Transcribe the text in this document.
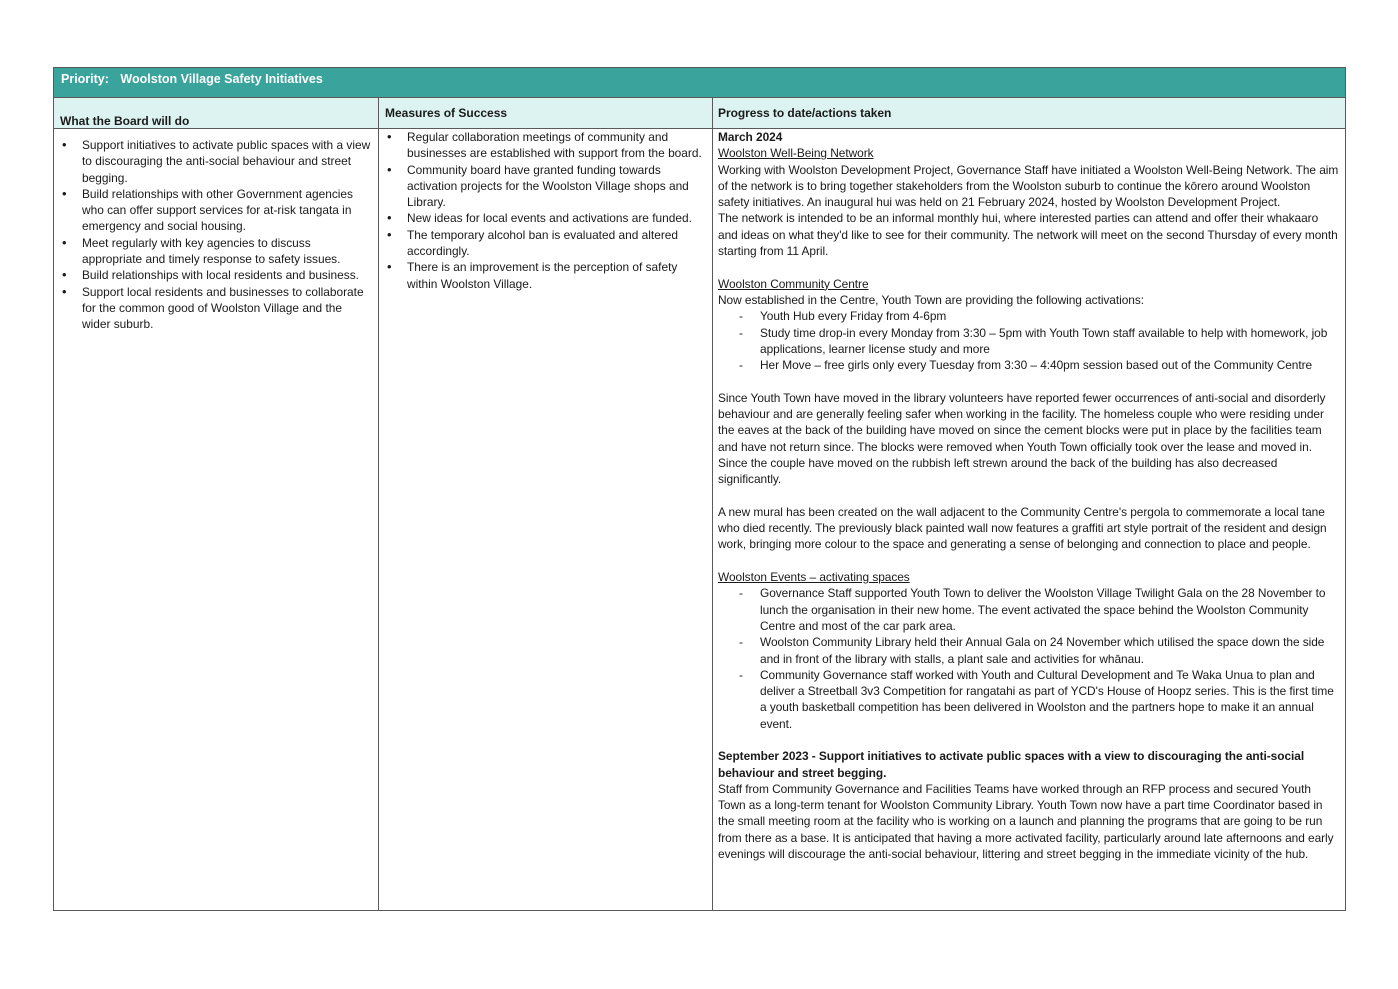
Priority: Woolston Village Safety Initiatives
What the Board will do
Measures of Success	Progress to date/actions taken
• Support initiatives to activate public spaces with a view to discouraging the anti-social behaviour and street begging.
• Build relationships with other Government agencies who can offer support services for at-risk tangata in emergency and social housing.
• Meet regularly with key agencies to discuss appropriate and timely response to safety issues.
• Build relationships with local residents and business.
• Support local residents and businesses to collaborate for the common good of Woolston Village and the wider suburb.
• Regular collaboration meetings of community and businesses are established with support from the board.
• Community board have granted funding towards activation projects for the Woolston Village shops and Library.
• New ideas for local events and activations are funded.
• The temporary alcohol ban is evaluated and altered accordingly.
• There is an improvement is the perception of safety within Woolston Village.

March 2024

Woolston Well-Being Network

Working with Woolston Development Project, Governance Staff have initiated a Woolston Well-Being Network. The aim of the network is to bring together stakeholders from the Woolston suburb to continue the kōrero around Woolston safety initiatives. An inaugural hui was held on 21 February 2024, hosted by Woolston Development Project.

The network is intended to be an informal monthly hui, where interested parties can attend and offer their whakaaro and ideas on what they'd like to see for their community. The network will meet on the second Thursday of every month starting from 11 April.

Woolston Community Centre

Now established in the Centre, Youth Town are providing the following activations:

- Youth Hub every Friday from 4-6pm
- Study time drop-in every Monday from 3:30 – 5pm with Youth Town staff available to help with homework, job applications, learner license study and more
- Her Move – free girls only every Tuesday from 3:30 – 4:40pm session based out of the Community Centre

Since Youth Town have moved in the library volunteers have reported fewer occurrences of anti-social and disorderly behaviour and are generally feeling safer when working in the facility. The homeless couple who were residing under the eaves at the back of the building have moved on since the cement blocks were put in place by the facilities team and have not return since. The blocks were removed when Youth Town officially took over the lease and moved in. Since the couple have moved on the rubbish left strewn around the back of the building has also decreased significantly.

A new mural has been created on the wall adjacent to the Community Centre's pergola to commemorate a local tane who died recently. The previously black painted wall now features a graffiti art style portrait of the resident and design work, bringing more colour to the space and generating a sense of belonging and connection to place and people.

Woolston Events – activating spaces

- Governance Staff supported Youth Town to deliver the Woolston Village Twilight Gala on the 28 November to lunch the organisation in their new home. The event activated the space behind the Woolston Community Centre and most of the car park area.
- Woolston Community Library held their Annual Gala on 24 November which utilised the space down the side and in front of the library with stalls, a plant sale and activities for whānau.
- Community Governance staff worked with Youth and Cultural Development and Te Waka Unua to plan and deliver a Streetball 3v3 Competition for rangatahi as part of YCD's House of Hoopz series. This is the first time a youth basketball competition has been delivered in Woolston and the partners hope to make it an annual event.

September 2023 - Support initiatives to activate public spaces with a view to discouraging the anti-social behaviour and street begging.

Staff from Community Governance and Facilities Teams have worked through an RFP process and secured Youth Town as a long-term tenant for Woolston Community Library. Youth Town now have a part time Coordinator based in the small meeting room at the facility who is working on a launch and planning the programs that are going to be run from there as a base. It is anticipated that having a more activated facility, particularly around late afternoons and early evenings will discourage the anti-social behaviour, littering and street begging in the immediate vicinity of the hub.
